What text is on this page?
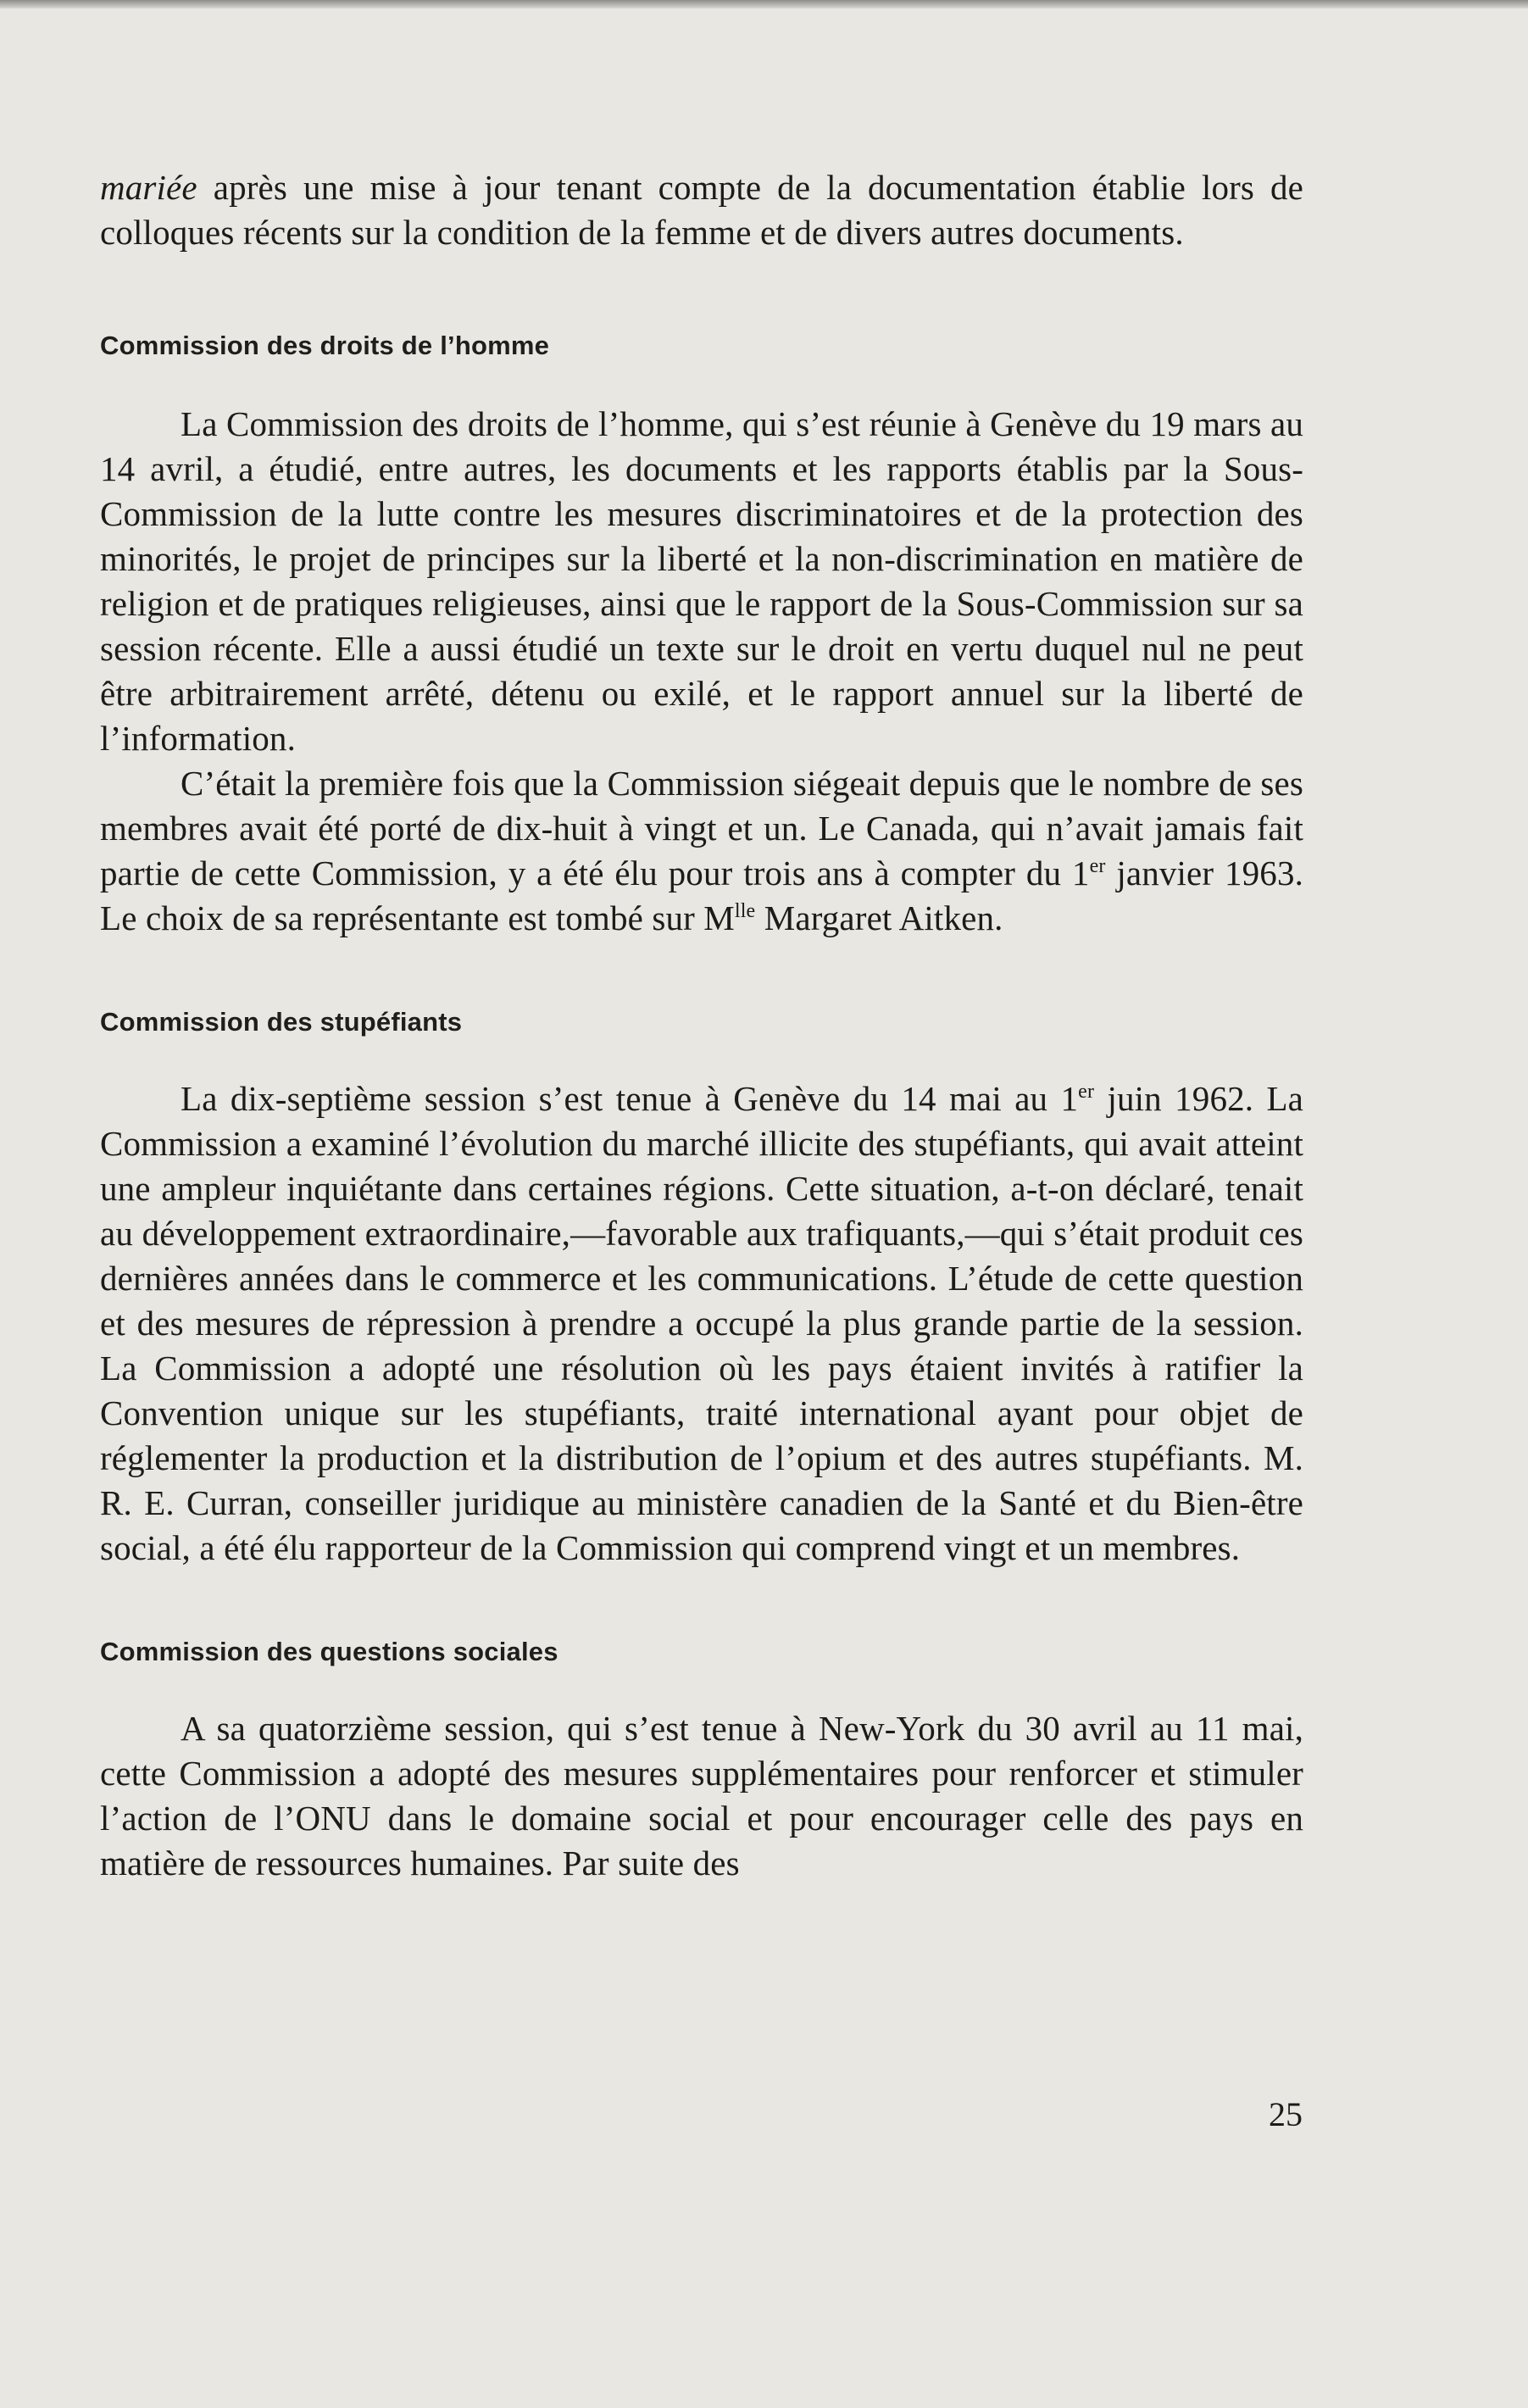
mariée après une mise à jour tenant compte de la documentation établie lors de colloques récents sur la condition de la femme et de divers autres documents.

Commission des droits de l’homme

La Commission des droits de l’homme, qui s’est réunie à Genève du 19 mars au 14 avril, a étudié, entre autres, les documents et les rapports établis par la Sous-Commission de la lutte contre les mesures discriminatoires et de la protection des minorités, le projet de principes sur la liberté et la non-discrimination en matière de religion et de pratiques religieuses, ainsi que le rapport de la Sous-Commission sur sa session récente. Elle a aussi étudié un texte sur le droit en vertu duquel nul ne peut être arbitrairement arrêté, détenu ou exilé, et le rapport annuel sur la liberté de l’information.

C’était la première fois que la Commission siégeait depuis que le nombre de ses membres avait été porté de dix-huit à vingt et un. Le Canada, qui n’avait jamais fait partie de cette Commission, y a été élu pour trois ans à compter du 1er janvier 1963. Le choix de sa représentante est tombé sur $M^{lle}$ Margaret Aitken.

Commission des stupéfiants

La dix-septième session s’est tenue à Genève du 14 mai au 1er juin 1962. La Commission a examiné l’évolution du marché illicite des stupéfiants, qui avait atteint une ampleur inquiétante dans certaines régions. Cette situation, a-t-on déclaré, tenait au développement extraordinaire,—favorable aux trafiquants,—qui s’était produit ces dernières années dans le commerce et les communications. L’étude de cette question et des mesures de répression à prendre a occupé la plus grande partie de la session. La Commission a adopté une résolution où les pays étaient invités à ratifier la Convention unique sur les stupéfiants, traité international ayant pour objet de réglementer la production et la distribution de l’opium et des autres stupéfiants. M. R. E. Curran, conseiller juridique au ministère canadien de la Santé et du Bien-être social, a été élu rapporteur de la Commission qui comprend vingt et un membres.

Commission des questions sociales

A sa quatorzième session, qui s’est tenue à New-York du 30 avril au 11 mai, cette Commission a adopté des mesures supplémentaires pour renforcer et stimuler l’action de l’ONU dans le domaine social et pour encourager celle des pays en matière de ressources humaines. Par suite des

25
